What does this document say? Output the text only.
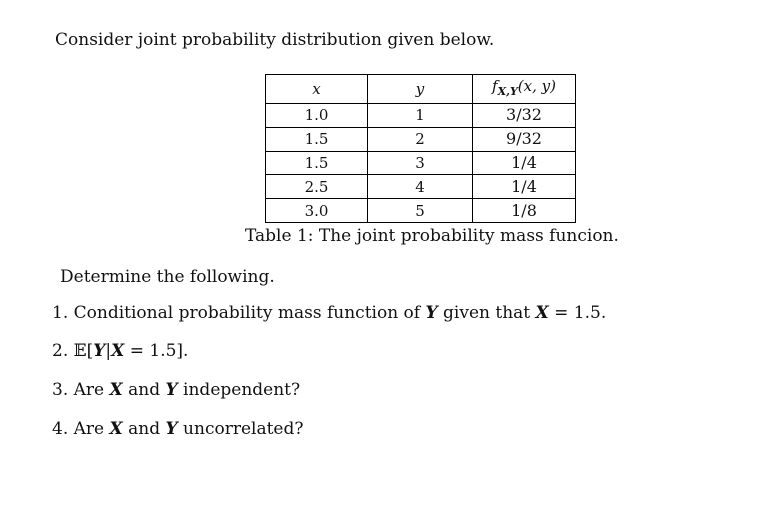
Consider joint probability distribution given below.
x	y	$f_{X,Y}(x$, y)
1.0	1	3/32
1.5	2	9/32
1.5	3	1/4
2.5	4	1/4
3.0	5	1/8
Table 1: The joint probability mass funcion.
Determine the following.
1. Conditional probability mass function of Y given that X = 1.5.
2. 𝔼[Y|X = 1.5].
3. Are X and Y independent?
4. Are X and Y uncorrelated?
